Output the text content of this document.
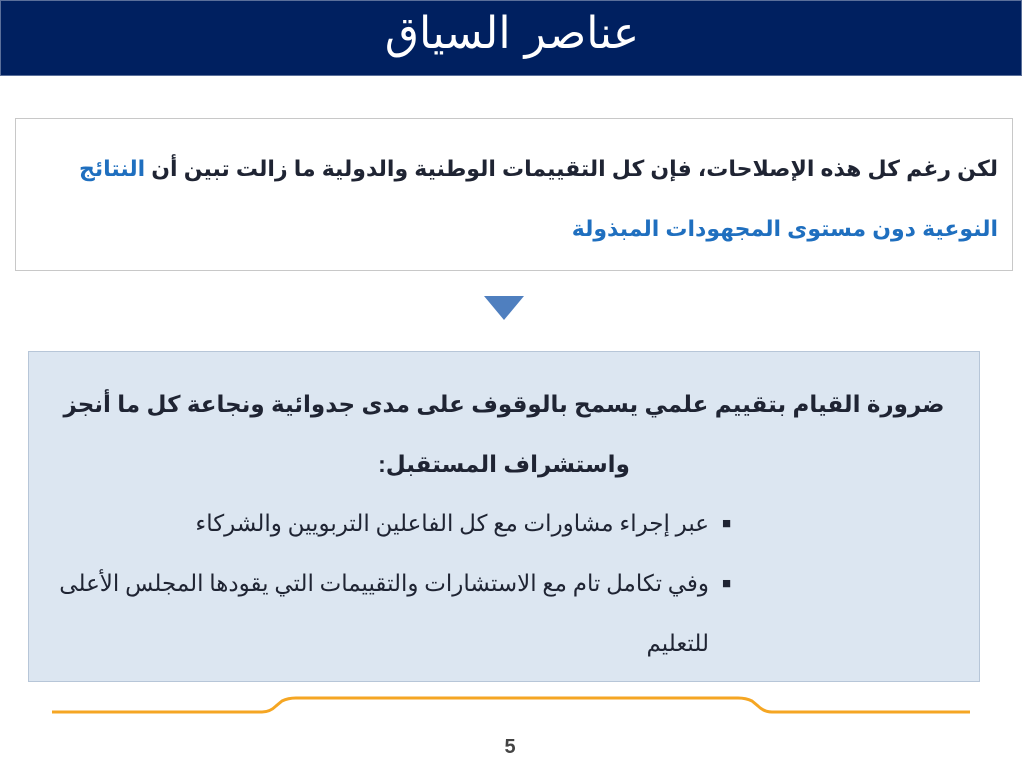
عناصر السياق

لكن رغم كل هذه الإصلاحات، فإن كل التقييمات الوطنية والدولية ما زالت تبين أن النتائج النوعية دون مستوى المجهودات المبذولة

ضرورة القيام بتقييم علمي يسمح بالوقوف على مدى جدوائية ونجاعة كل ما أنجز واستشراف المستقبل:

■
عبر إجراء مشاورات مع كل الفاعلين التربويين والشركاء
■
وفي تكامل تام مع الاستشارات والتقييمات التي يقودها المجلس الأعلى للتعليم
5
